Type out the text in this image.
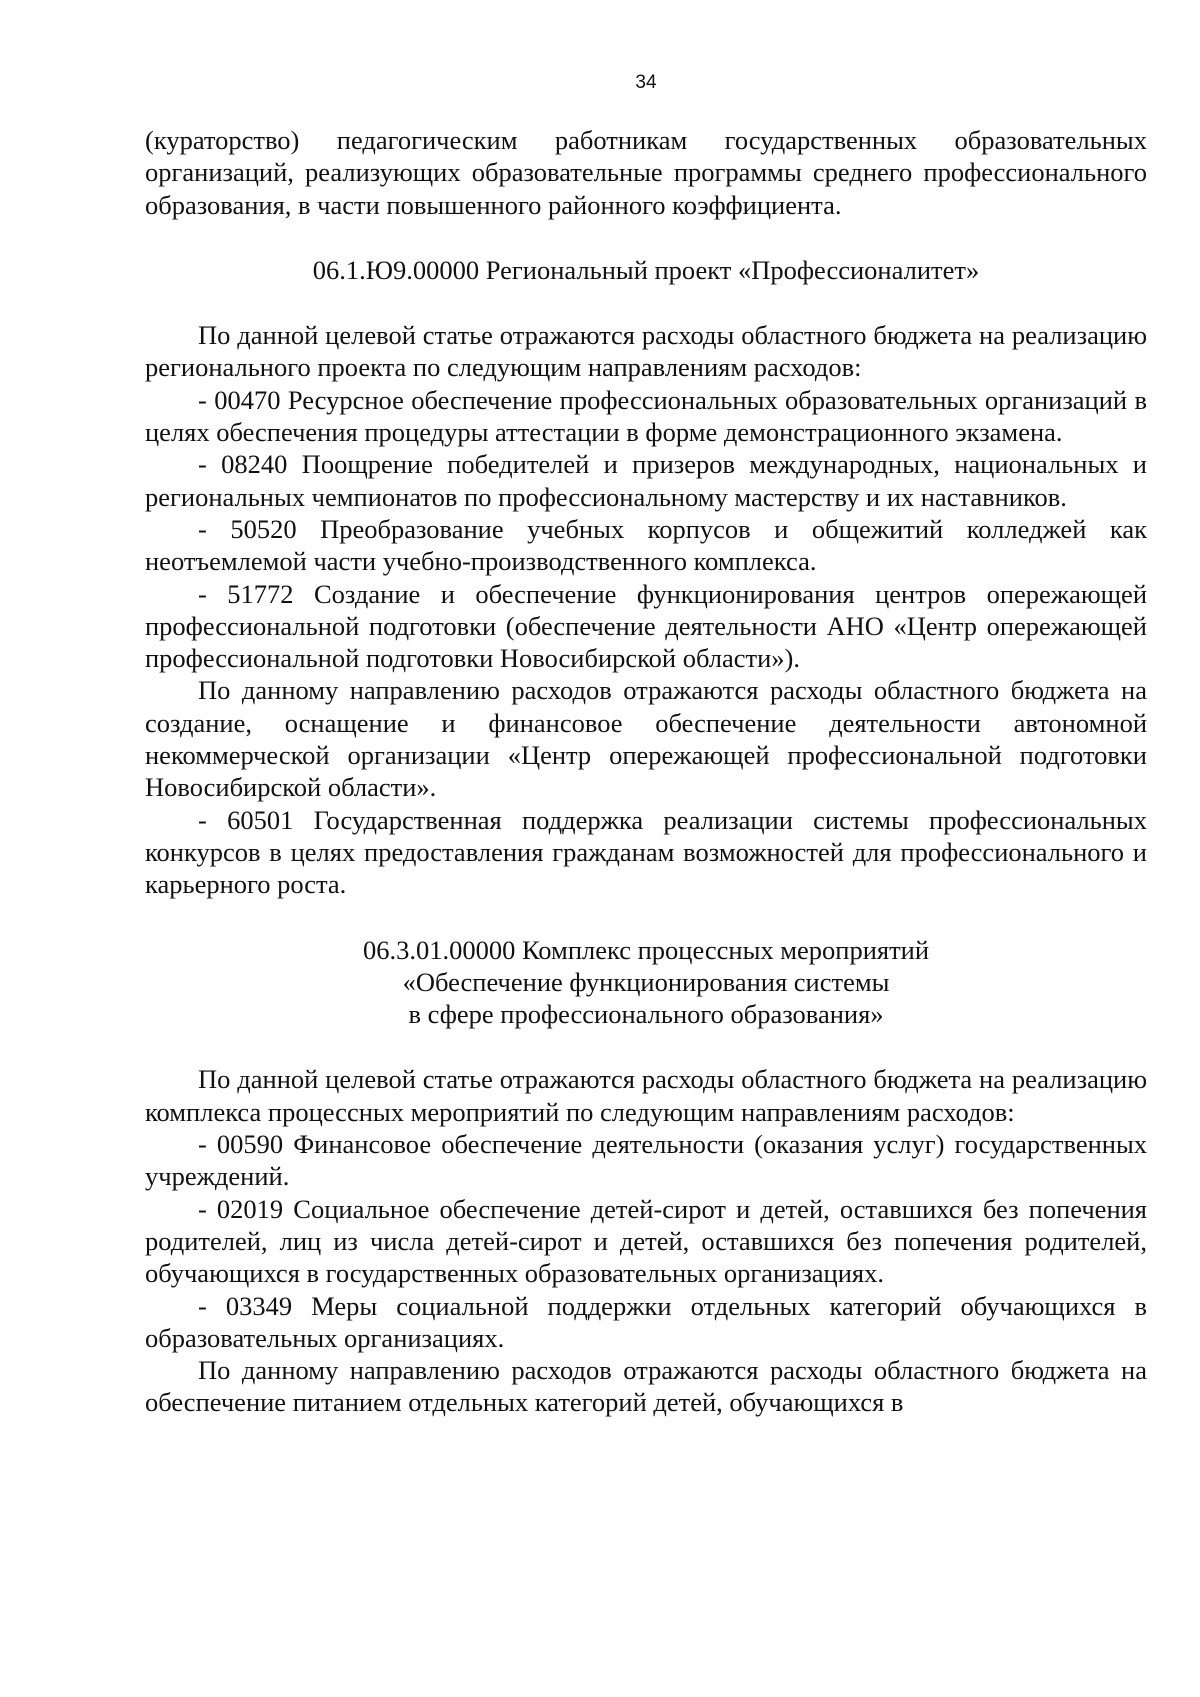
34

(кураторство) педагогическим работникам государственных образовательных организаций, реализующих образовательные программы среднего профессионального образования, в части повышенного районного коэффициента.

06.1.Ю9.00000 Региональный проект «Профессионалитет»

По данной целевой статье отражаются расходы областного бюджета на реализацию регионального проекта по следующим направлениям расходов:

- 00470 Ресурсное обеспечение профессиональных образовательных организаций в целях обеспечения процедуры аттестации в форме демонстрационного экзамена.

- 08240 Поощрение победителей и призеров международных, национальных и региональных чемпионатов по профессиональному мастерству и их наставников.

- 50520 Преобразование учебных корпусов и общежитий колледжей как неотъемлемой части учебно-производственного комплекса.

- 51772 Создание и обеспечение функционирования центров опережающей профессиональной подготовки (обеспечение деятельности АНО «Центр опережающей профессиональной подготовки Новосибирской области»).

По данному направлению расходов отражаются расходы областного бюджета на создание, оснащение и финансовое обеспечение деятельности автономной некоммерческой организации «Центр опережающей профессиональной подготовки Новосибирской области».

- 60501 Государственная поддержка реализации системы профессиональных конкурсов в целях предоставления гражданам возможностей для профессионального и карьерного роста.

06.3.01.00000 Комплекс процессных мероприятий
«Обеспечение функционирования системы
в сфере профессионального образования»

По данной целевой статье отражаются расходы областного бюджета на реализацию комплекса процессных мероприятий по следующим направлениям расходов:

- 00590 Финансовое обеспечение деятельности (оказания услуг) государственных учреждений.

- 02019 Социальное обеспечение детей-сирот и детей, оставшихся без попечения родителей, лиц из числа детей-сирот и детей, оставшихся без попечения родителей, обучающихся в государственных образовательных организациях.

- 03349 Меры социальной поддержки отдельных категорий обучающихся в образовательных организациях.

По данному направлению расходов отражаются расходы областного бюджета на обеспечение питанием отдельных категорий детей, обучающихся в
